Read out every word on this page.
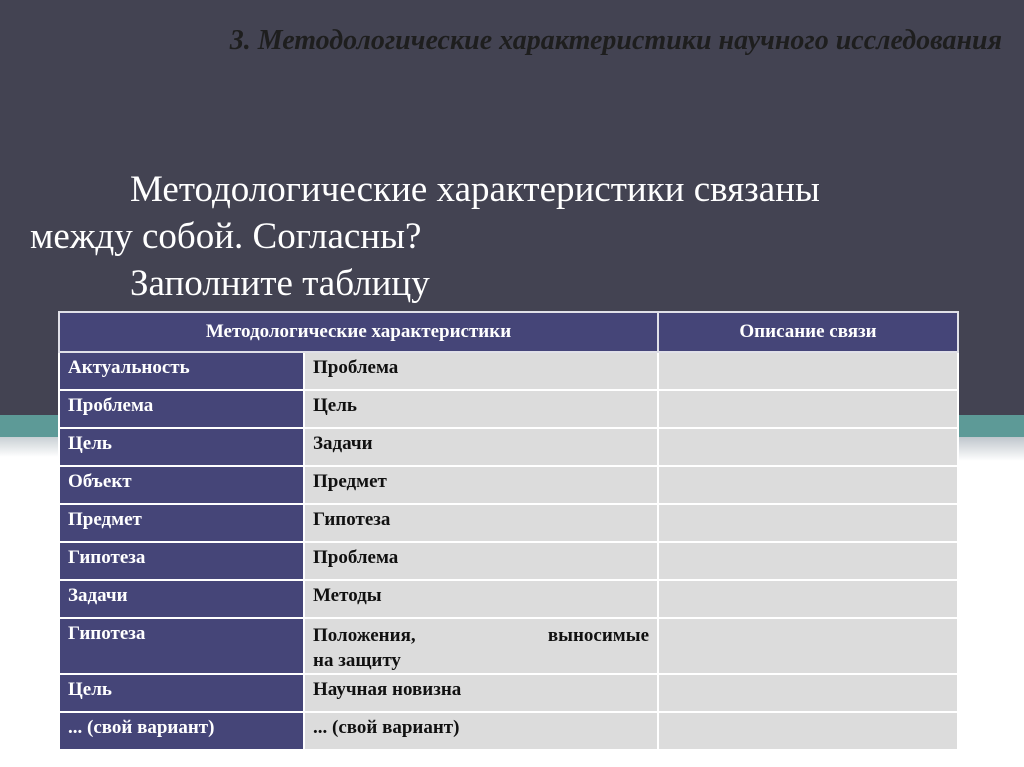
3. Методологические характеристики научного исследования

Методологические характеристики связаны
между собой. Согласны?
Заполните таблицу

Методологические характеристики		Описание связи
Актуальность	Проблема	
Проблема	Цель	
Цель	Задачи	
Объект	Предмет	
Предмет	Гипотеза	
Гипотеза	Проблема	
Задачи	Методы	
Гипотеза	Положения, выносимые
на защиту	
Цель	Научная новизна	
... (свой вариант)	... (свой вариант)	
